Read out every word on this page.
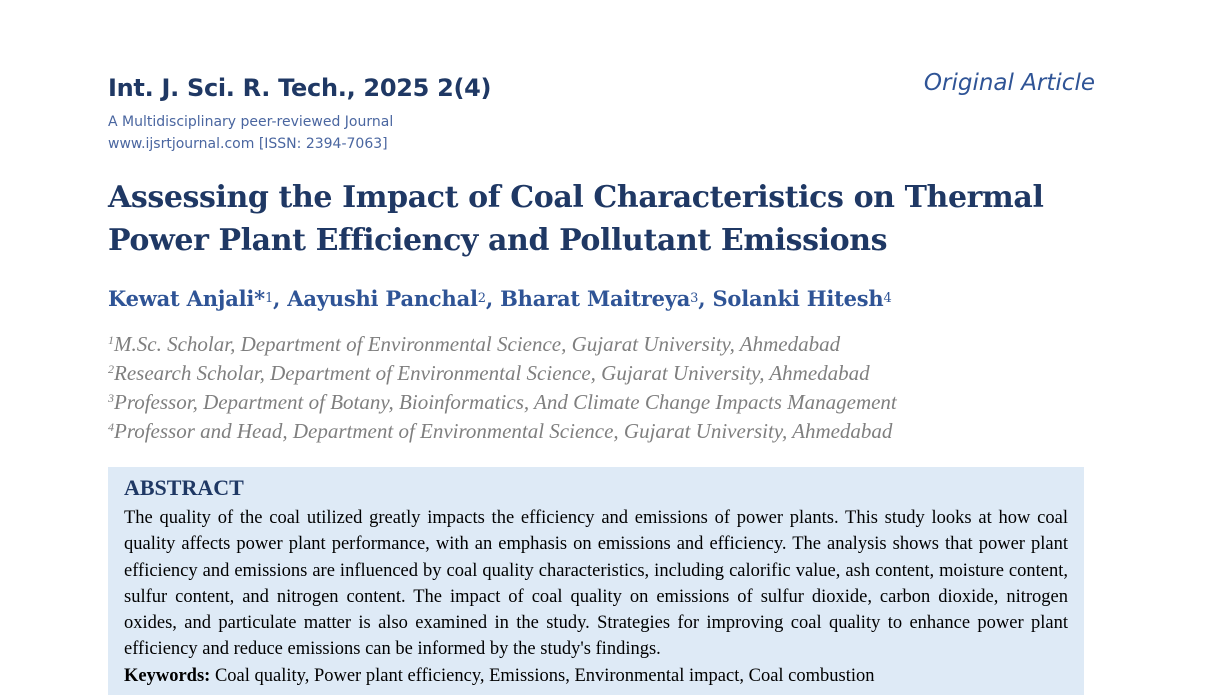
Int. J. Sci. R. Tech., 2025 2(4)	Original Article
A Multidisciplinary peer-reviewed Journal
www.ijsrtjournal.com [ISSN: 2394-7063]
Assessing the Impact of Coal Characteristics on Thermal
Power Plant Efficiency and Pollutant Emissions
Kewat Anjali*$^1$, Aayushi Panchal$^2$, Bharat Maitreya$^3$, Solanki Hitesh$^4$
$^1$M.Sc. Scholar, Department of Environmental Science, Gujarat University, Ahmedabad
$^2$Research Scholar, Department of Environmental Science, Gujarat University, Ahmedabad
$^3$Professor, Department of Botany, Bioinformatics, And Climate Change Impacts Management
$^4$Professor and Head, Department of Environmental Science, Gujarat University, Ahmedabad
ABSTRACT
The quality of the coal utilized greatly impacts the efficiency and emissions of power plants. This study looks at how coal quality affects power plant performance, with an emphasis on emissions and efficiency. The analysis shows that power plant efficiency and emissions are influenced by coal quality characteristics, including calorific value, ash content, moisture content, sulfur content, and nitrogen content. The impact of coal quality on emissions of sulfur dioxide, carbon dioxide, nitrogen oxides, and particulate matter is also examined in the study. Strategies for improving coal quality to enhance power plant efficiency and reduce emissions can be informed by the study's findings.
Keywords: Coal quality, Power plant efficiency, Emissions, Environmental impact, Coal combustion
